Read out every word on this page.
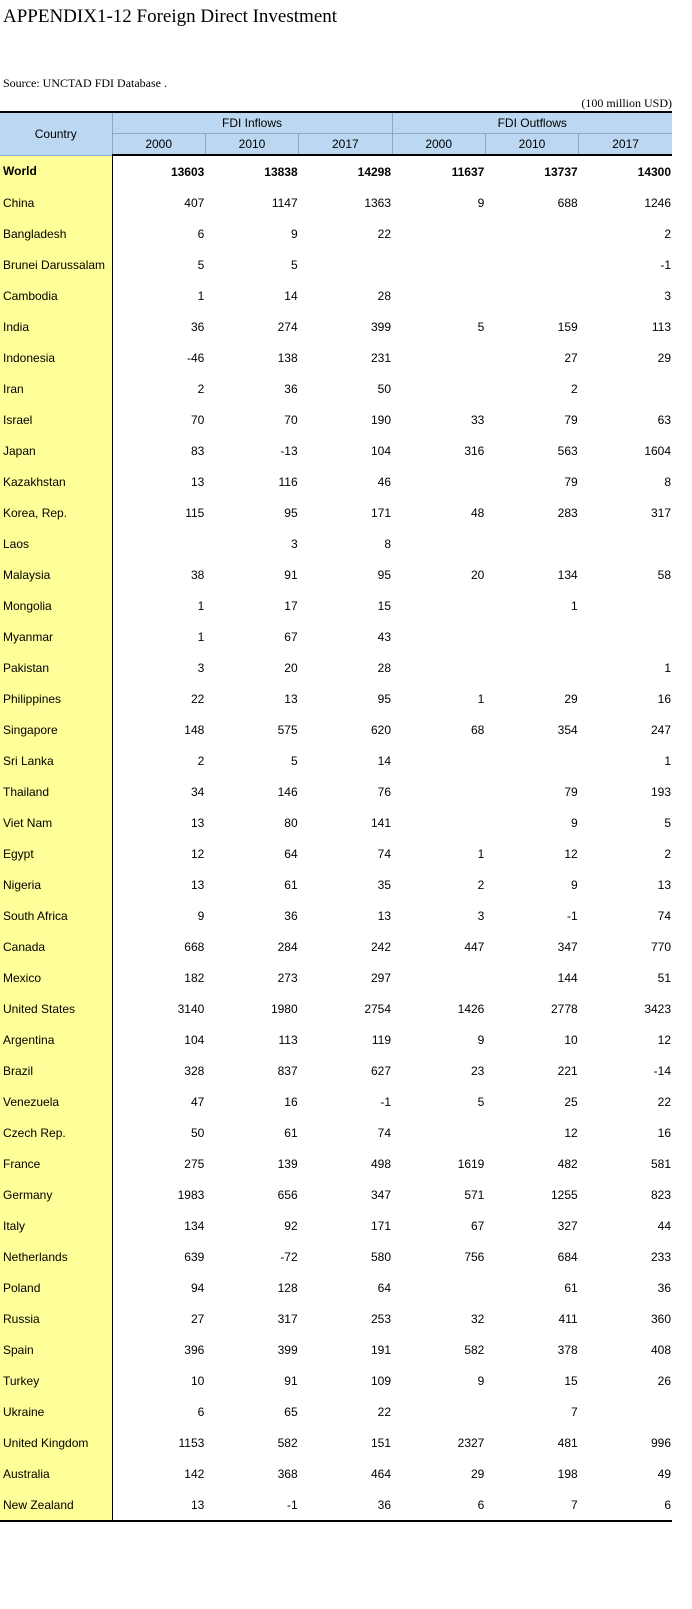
APPENDIX1-12 Foreign Direct Investment
Source: UNCTAD FDI Database .
(100 million USD)
Country	FDI Inflows			FDI Outflows		
	2000	2010	2017	2000	2010	2017
World	13603	13838	14298	11637	13737	14300
China	407	1147	1363	9	688	1246
Bangladesh	6	9	22			2
Brunei Darussalam	5	5				-1
Cambodia	1	14	28			3
India	36	274	399	5	159	113
Indonesia	-46	138	231		27	29
Iran	2	36	50		2	
Israel	70	70	190	33	79	63
Japan	83	-13	104	316	563	1604
Kazakhstan	13	116	46		79	8
Korea, Rep.	115	95	171	48	283	317
Laos		3	8			
Malaysia	38	91	95	20	134	58
Mongolia	1	17	15		1	
Myanmar	1	67	43			
Pakistan	3	20	28			1
Philippines	22	13	95	1	29	16
Singapore	148	575	620	68	354	247
Sri Lanka	2	5	14			1
Thailand	34	146	76		79	193
Viet Nam	13	80	141		9	5
Egypt	12	64	74	1	12	2
Nigeria	13	61	35	2	9	13
South Africa	9	36	13	3	-1	74
Canada	668	284	242	447	347	770
Mexico	182	273	297		144	51
United States	3140	1980	2754	1426	2778	3423
Argentina	104	113	119	9	10	12
Brazil	328	837	627	23	221	-14
Venezuela	47	16	-1	5	25	22
Czech Rep.	50	61	74		12	16
France	275	139	498	1619	482	581
Germany	1983	656	347	571	1255	823
Italy	134	92	171	67	327	44
Netherlands	639	-72	580	756	684	233
Poland	94	128	64		61	36
Russia	27	317	253	32	411	360
Spain	396	399	191	582	378	408
Turkey	10	91	109	9	15	26
Ukraine	6	65	22		7	
United Kingdom	1153	582	151	2327	481	996
Australia	142	368	464	29	198	49
New Zealand	13	-1	36	6	7	6
